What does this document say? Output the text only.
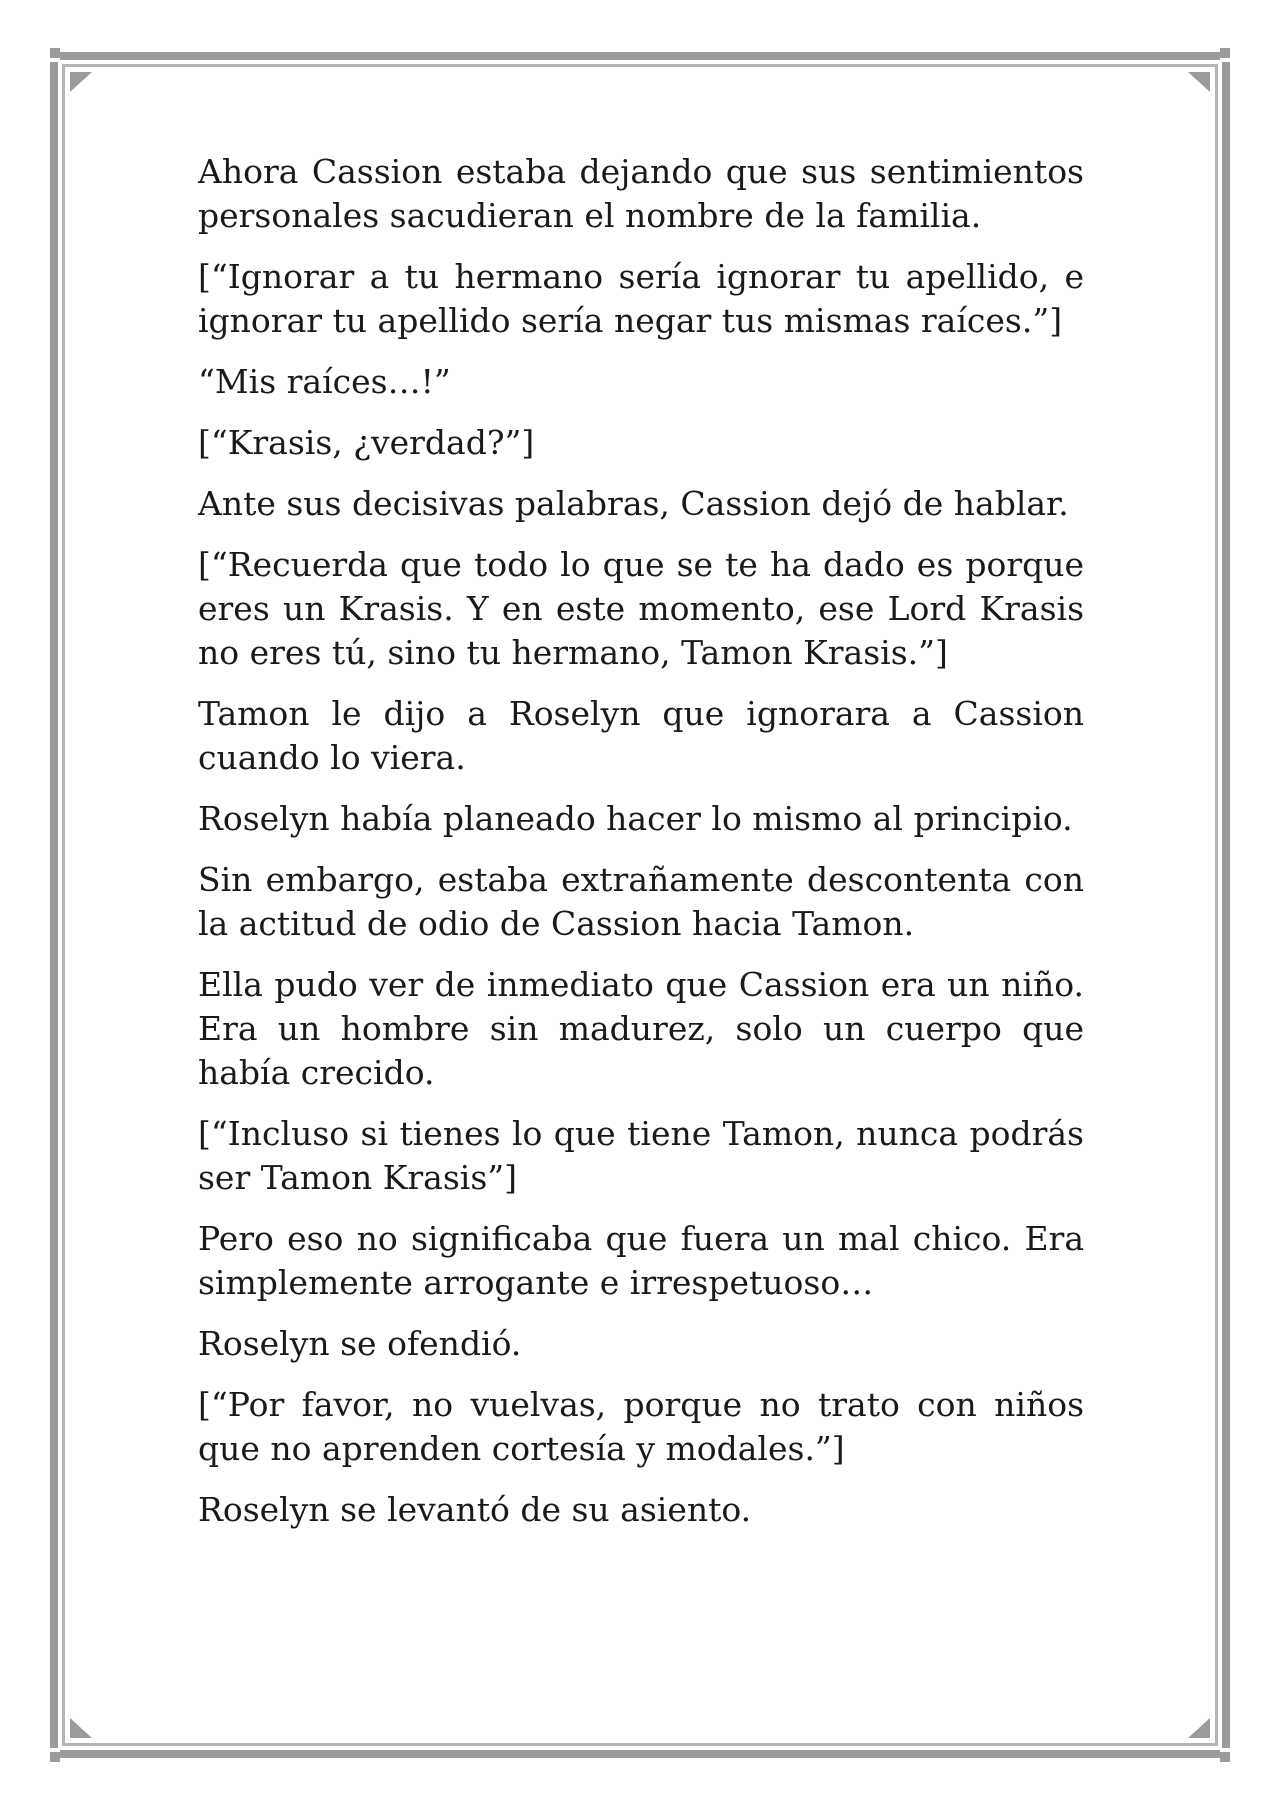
Ahora Cassion estaba dejando que sus sentimientos personales sacudieran el nombre de la familia.

[“Ignorar a tu hermano sería ignorar tu apellido, e ignorar tu apellido sería negar tus mismas raíces.”]

“Mis raíces…!”

[“Krasis, ¿verdad?”]

Ante sus decisivas palabras, Cassion dejó de hablar.

[“Recuerda que todo lo que se te ha dado es porque eres un Krasis. Y en este momento, ese Lord Krasis no eres tú, sino tu hermano, Tamon Krasis.”]

Tamon le dijo a Roselyn que ignorara a Cassion cuando lo viera.

Roselyn había planeado hacer lo mismo al principio.

Sin embargo, estaba extrañamente descontenta con la actitud de odio de Cassion hacia Tamon.

Ella pudo ver de inmediato que Cassion era un niño. Era un hombre sin madurez, solo un cuerpo que había crecido.

[“Incluso si tienes lo que tiene Tamon, nunca podrás ser Tamon Krasis”]

Pero eso no significaba que fuera un mal chico. Era simplemente arrogante e irrespetuoso…

Roselyn se ofendió.

[“Por favor, no vuelvas, porque no trato con niños que no aprenden cortesía y modales.”]

Roselyn se levantó de su asiento.
